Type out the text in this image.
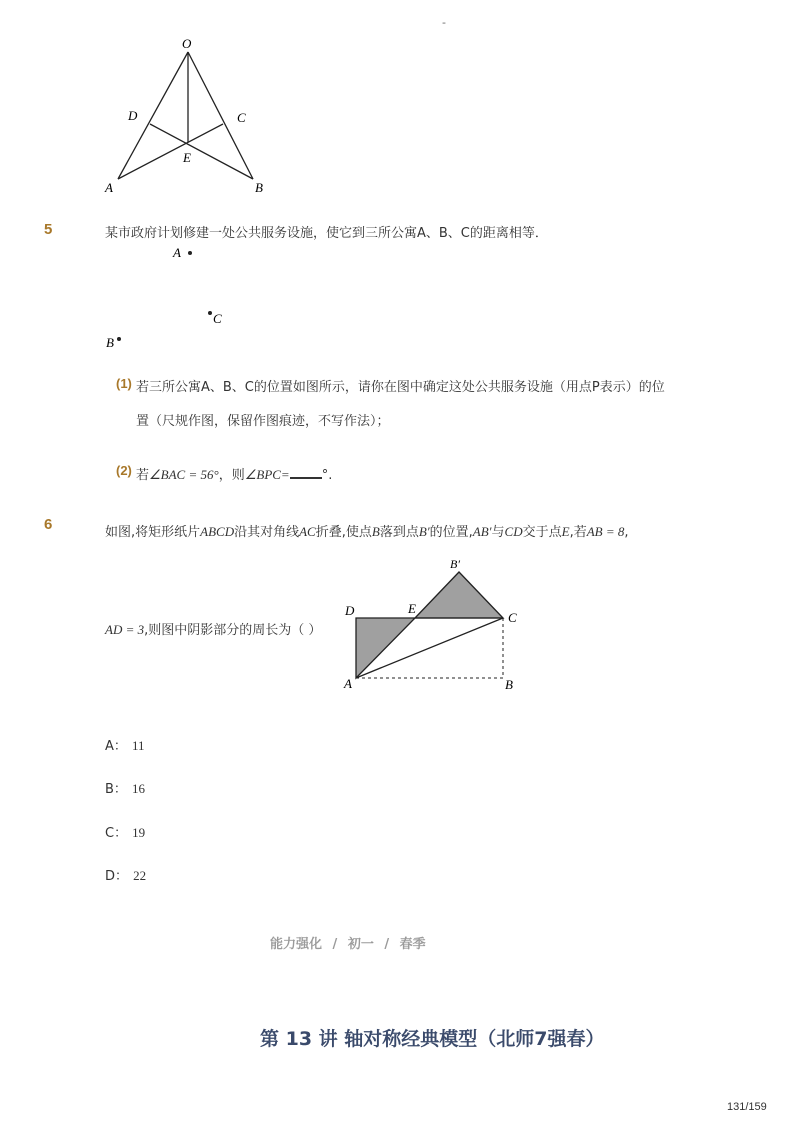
-
O
D	C
E
A	B
5	某市政府计划修建一处公共服务设施，使它到三所公寓A、B、C的距离相等．
A
C
B
(1) 若三所公寓A、B、C的位置如图所示，请你在图中确定这处公共服务设施（用点P表示）的位
置（尺规作图，保留作图痕迹，不写作法）；
(2) 若∠BAC = 56°，则∠BPC= °.
6	如图,将矩形纸片ABCD沿其对角线AC折叠,使点B落到点B′的位置,AB′与CD交于点E,若AB = 8,
AD = 3,则图中阴影部分的周长为（ ）
B′
D	E
C
A	B
A： 11
B： 16
C： 19
D： 22
能力强化 / 初一 / 春季
第 13 讲 轴对称经典模型（北师7强春）
131/159
